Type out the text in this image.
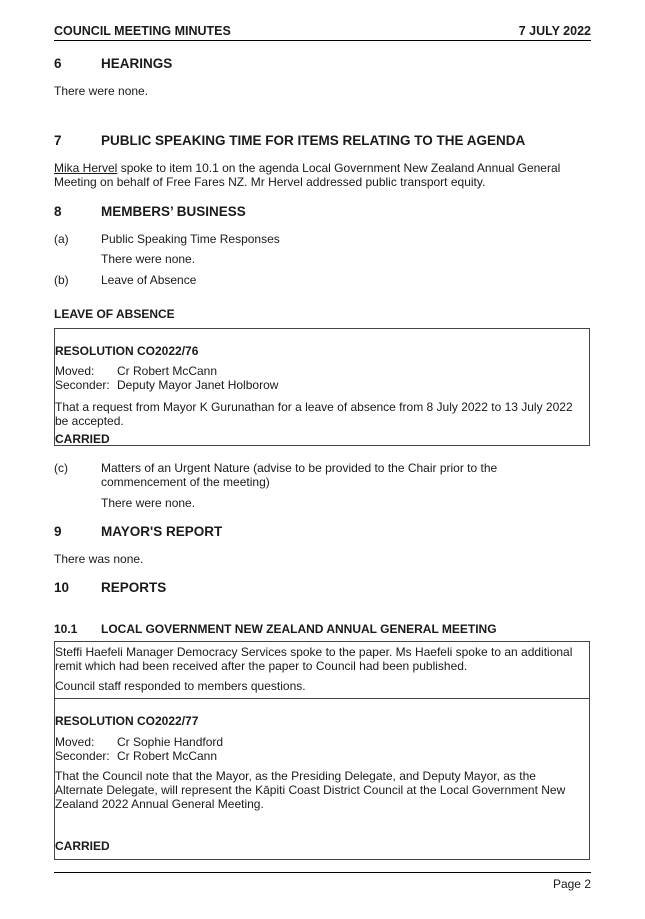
COUNCIL MEETING MINUTES	7 JULY 2022
6	HEARINGS
There were none.
7	PUBLIC SPEAKING TIME FOR ITEMS RELATING TO THE AGENDA
Mika Hervel spoke to item 10.1 on the agenda Local Government New Zealand Annual General
Meeting on behalf of Free Fares NZ. Mr Hervel addressed public transport equity.
8	MEMBERS’ BUSINESS
(a)	Public Speaking Time Responses
There were none.
(b)	Leave of Absence
LEAVE OF ABSENCE
RESOLUTION CO2022/76
Moved: Cr Robert McCann
Seconder: Deputy Mayor Janet Holborow
That a request from Mayor K Gurunathan for a leave of absence from 8 July 2022 to 13 July 2022
be accepted.
CARRIED
(c)	Matters of an Urgent Nature (advise to be provided to the Chair prior to the
commencement of the meeting)
There were none.
9	MAYOR'S REPORT
There was none.
10	REPORTS
10.1 LOCAL GOVERNMENT NEW ZEALAND ANNUAL GENERAL MEETING
Steffi Haefeli Manager Democracy Services spoke to the paper. Ms Haefeli spoke to an additional
remit which had been received after the paper to Council had been published.
Council staff responded to members questions.
RESOLUTION CO2022/77
Moved: Cr Sophie Handford
Seconder: Cr Robert McCann
That the Council note that the Mayor, as the Presiding Delegate, and Deputy Mayor, as the
Alternate Delegate, will represent the Kāpiti Coast District Council at the Local Government New
Zealand 2022 Annual General Meeting.
CARRIED
Page 2
